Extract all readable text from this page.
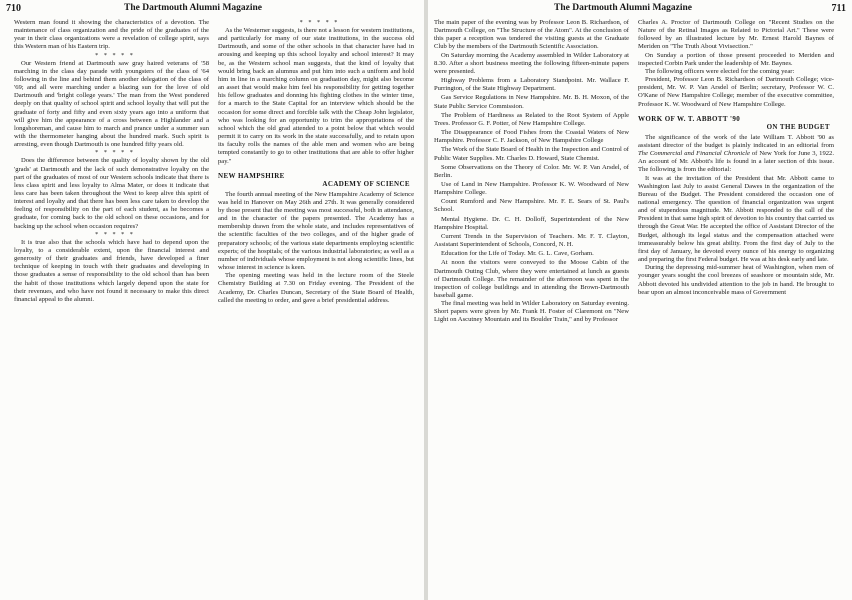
710	The Dartmouth Alumni Magazine

Western man found it showing the characteristics of a devotion. The maintenance of class organization and the pride of the graduates of the year in their class organizations were a revelation of college spirit, says this Western man of his Eastern trip.

* * * * *

Our Western friend at Dartmouth saw gray haired veterans of '58 marching in the class day parade with youngsters of the class of '64 following in the line and behind them another delegation of the class of '69; and all were marching under a blazing sun for the love of old Dartmouth and 'bright college years.' The man from the West pondered deeply on that quality of school spirit and school loyalty that will put the graduate of forty and fifty and even sixty years ago into a uniform that will give him the appearance of a cross between a Highlander and a longshoreman, and cause him to march and prance under a summer sun with the thermometer hanging about the hundred mark. Such spirit is arresting, even though Dartmouth is one hundred fifty years old.

* * * * *

Does the difference between the quality of loyalty shown by the old 'grads' at Dartmouth and the lack of such demonstrative loyalty on the part of the graduates of most of our Western schools indicate that there is less class spirit and less loyalty to Alma Mater, or does it indicate that less care has been taken throughout the West to keep alive this spirit of interest and loyalty and that there has been less care taken to develop the feeling of responsibility on the part of each student, as he becomes a graduate, for coming back to the old school on these occasions, and for backing up the school when occasion requires?

* * * * *

It is true also that the schools which have had to depend upon the loyalty, to a considerable extent, upon the financial interest and generosity of their graduates and friends, have developed a finer technique of keeping in touch with their graduates and developing in those graduates a sense of responsibility to the old school than has been the habit of those institutions which largely depend upon the state for their revenues, and who have not found it necessary to make this direct financial appeal to the alumni.

* * * * *

As the Westerner suggests, is there not a lesson for western institutions, and particularly for many of our state institutions, in the success old Dartmouth, and some of the other schools in that character have had in arousing and keeping up this school loyalty and school interest? It may be, as the Western school man suggests, that the kind of loyalty that would bring back an alumnus and put him into such a uniform and hold him in line in a marching column on graduation day, might also become an asset that would make him feel his responsibility for getting together his fellow graduates and donning his fighting clothes in the winter time, for a march to the State Capital for an interview which should be the occasion for some direct and forcible talk with the Cheap John legislator, who was looking for an opportunity to trim the appropriations of the school which the old grad attended to a point below that which would permit it to carry on its work in the state successfully, and to retain upon its faculty rolls the names of the able men and women who are being tempted constantly to go to other institutions that are able to offer higher pay."

NEW HAMPSHIRE
ACADEMY OF SCIENCE

The fourth annual meeting of the New Hampshire Academy of Science was held in Hanover on May 26th and 27th. It was generally considered by those present that the meeting was most successful, both in attendance, and in the character of the papers presented. The Academy has a membership drawn from the whole state, and includes representatives of the scientific faculties of the two colleges, and of the higher grade of preparatory schools; of the various state departments employing scientific experts; of the hospitals; of the various industrial laboratories; as well as a number of individuals whose employment is not along scientific lines, but whose interest in science is keen.

The opening meeting was held in the lecture room of the Steele Chemistry Building at 7.30 on Friday evening. The President of the Academy, Dr. Charles Duncan, Secretary of the State Board of Health, called the meeting to order, and gave a brief presidential address.

The Dartmouth Alumni Magazine	711

The main paper of the evening was by Professor Leon B. Richardson, of Dartmouth College, on "The Structure of the Atom". At the conclusion of this paper a reception was tendered the visiting guests at the Graduate Club by the members of the Dartmouth Scientific Association.

On Saturday morning the Academy assembled in Wilder Laboratory at 8.30. After a short business meeting the following fifteen-minute papers were presented.

Highway Problems from a Laboratory Standpoint. Mr. Wallace F. Purrington, of the State Highway Department.

Gas Service Regulations in New Hampshire. Mr. B. H. Moxon, of the State Public Service Commission.

The Problem of Hardiness as Related to the Root System of Apple Trees. Professor G. F. Potter, of New Hampshire College.

The Disappearance of Food Fishes from the Coastal Waters of New Hampshire. Professor C. F. Jackson, of New Hampshire College

The Work of the State Board of Health in the Inspection and Control of Public Water Supplies. Mr. Charles D. Howard, State Chemist.

Some Observations on the Theory of Color. Mr. W. P. Van Arsdel, of Berlin.

Use of Land in New Hampshire. Professor K. W. Woodward of New Hampshire College.

Count Rumford and New Hampshire. Mr. F. E. Sears of St. Paul's School.

Mental Hygiene. Dr. C. H. Dolloff, Superintendent of the New Hampshire Hospital.

Current Trends in the Supervision of Teachers. Mr. F. T. Clayton, Assistant Superintendent of Schools, Concord, N. H.

Education for the Life of Today. Mr. G. L. Cave, Gorham.

At noon the visitors were conveyed to the Moose Cabin of the Dartmouth Outing Club, where they were entertained at lunch as guests of Dartmouth College. The remainder of the afternoon was spent in the inspection of college buildings and in attending the Brown-Dartmouth baseball game.

The final meeting was held in Wilder Laboratory on Saturday evening. Short papers were given by Mr. Frank H. Foster of Claremont on "New Light on Ascutney Mountain and its Boulder Train," and by Professor

Charles A. Proctor of Dartmouth College on "Recent Studies on the Nature of the Retinal Images as Related to Pictorial Art." These were followed by an illustrated lecture by Mr. Ernest Harold Baynes of Meriden on "The Truth About Vivisection."

On Sunday a portion of those present proceeded to Meriden and inspected Corbin Park under the leadership of Mr. Baynes.

The following officers were elected for the coming year:

President, Professor Leon B. Richardson of Dartmouth College; vice-president, Mr. W. P. Van Arsdel of Berlin; secretary, Professor W. C. O'Kane of New Hampshire College; member of the executive committee, Professor K. W. Woodward of New Hampshire College.

WORK OF W. T. ABBOTT '90
ON THE BUDGET

The significance of the work of the late William T. Abbott '90 as assistant director of the budget is plainly indicated in an editorial from The Commercial and Financial Chronicle of New York for June 3, 1922. An account of Mr. Abbott's life is found in a later section of this issue. The following is from the editorial:

It was at the invitation of the President that Mr. Abbott came to Washington last July to assist General Dawes in the organization of the Bureau of the Budget. The President considered the occasion one of national emergency. The question of financial organization was urgent and of stupendous magnitude. Mr. Abbott responded to the call of the President in that same high spirit of devotion to his country that carried us through the Great War. He accepted the office of Assistant Director of the Budget, although its legal status and the compensation attached were immeasurably below his great ability. From the first day of July to the first day of January, he devoted every ounce of his energy to organizing and preparing the first Federal budget. He was at his desk early and late.

During the depressing mid-summer heat of Washington, when men of younger years sought the cool breezes of seashore or mountain side, Mr. Abbott devoted his undivided attention to the job in hand. He brought to bear upon an almost inconceivable mass of Government
